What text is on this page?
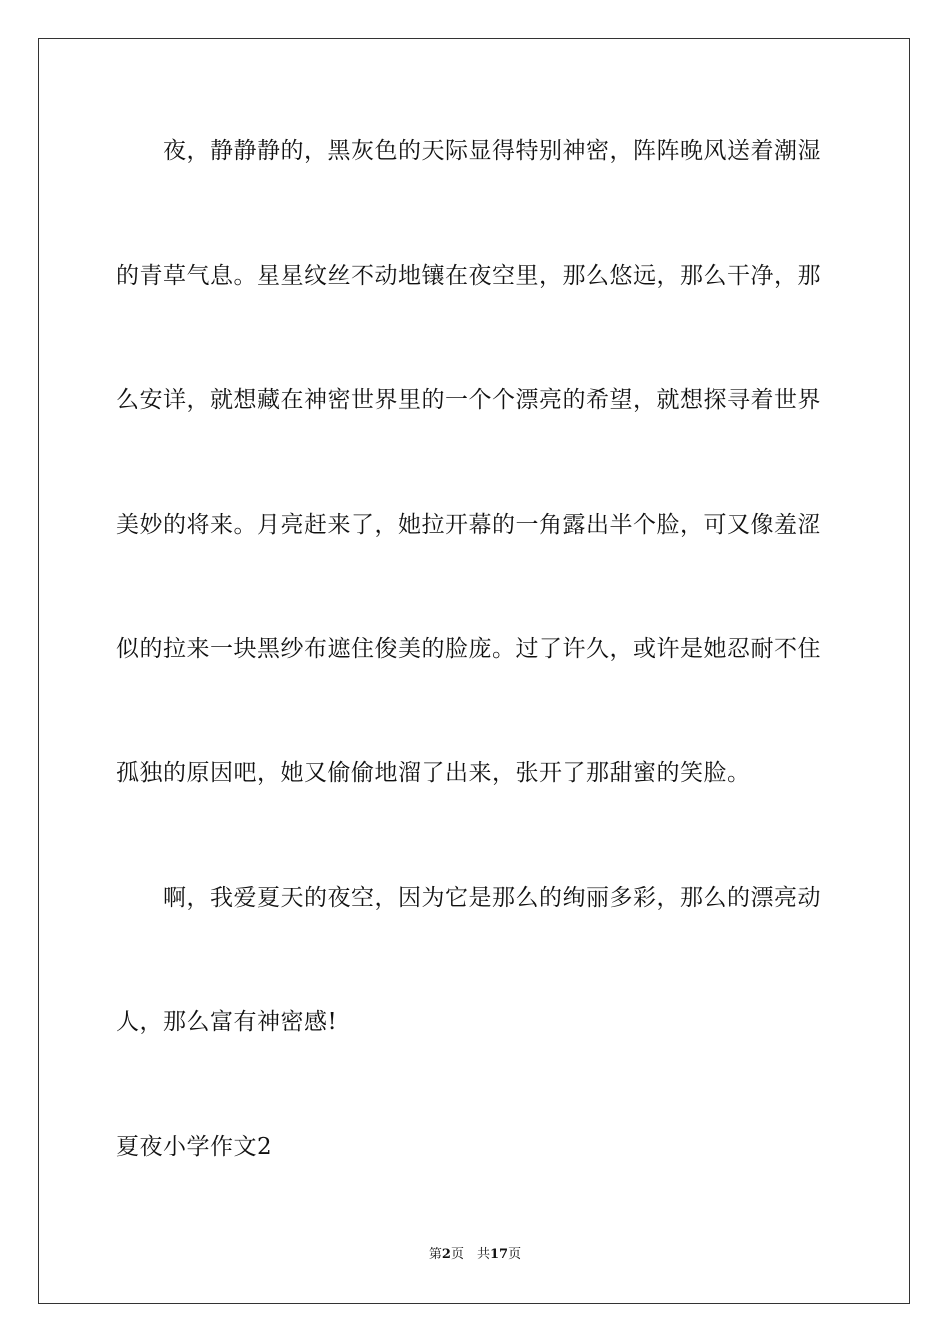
　　夜，静静静的，黑灰色的天际显得特别神密，阵阵晚风送着潮湿
的青草气息。星星纹丝不动地镶在夜空里，那么悠远，那么干净，那
么安详，就想藏在神密世界里的一个个漂亮的希望，就想探寻着世界
美妙的将来。月亮赶来了，她拉开幕的一角露出半个脸，可又像羞涩
似的拉来一块黑纱布遮住俊美的脸庞。过了许久，或许是她忍耐不住
孤独的原因吧，她又偷偷地溜了出来，张开了那甜蜜的笑脸。
　　啊，我爱夏天的夜空，因为它是那么的绚丽多彩，那么的漂亮动
人，那么富有神密感!
夏夜小学作文2
第2页　共17页
